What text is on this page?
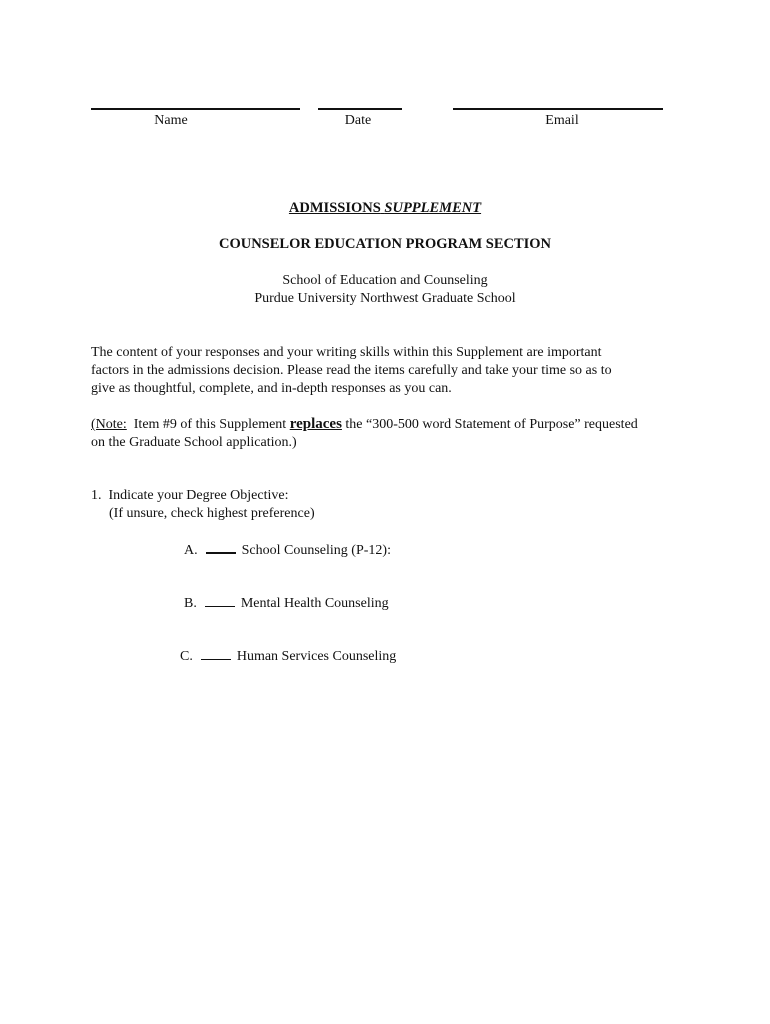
Name	Date	Email
ADMISSIONS SUPPLEMENT
COUNSELOR EDUCATION PROGRAM SECTION
School of Education and Counseling
Purdue University Northwest Graduate School
The content of your responses and your writing skills within this Supplement are important
factors in the admissions decision. Please read the items carefully and take your time so as to
give as thoughtful, complete, and in-depth responses as you can.
(Note:  Item #9 of this Supplement replaces the “300-500 word Statement of Purpose” requested
on the Graduate School application.)
1.  Indicate your Degree Objective:
(If unsure, check highest preference)
A.	School Counseling (P-12):
B.	Mental Health Counseling
C.	Human Services Counseling
